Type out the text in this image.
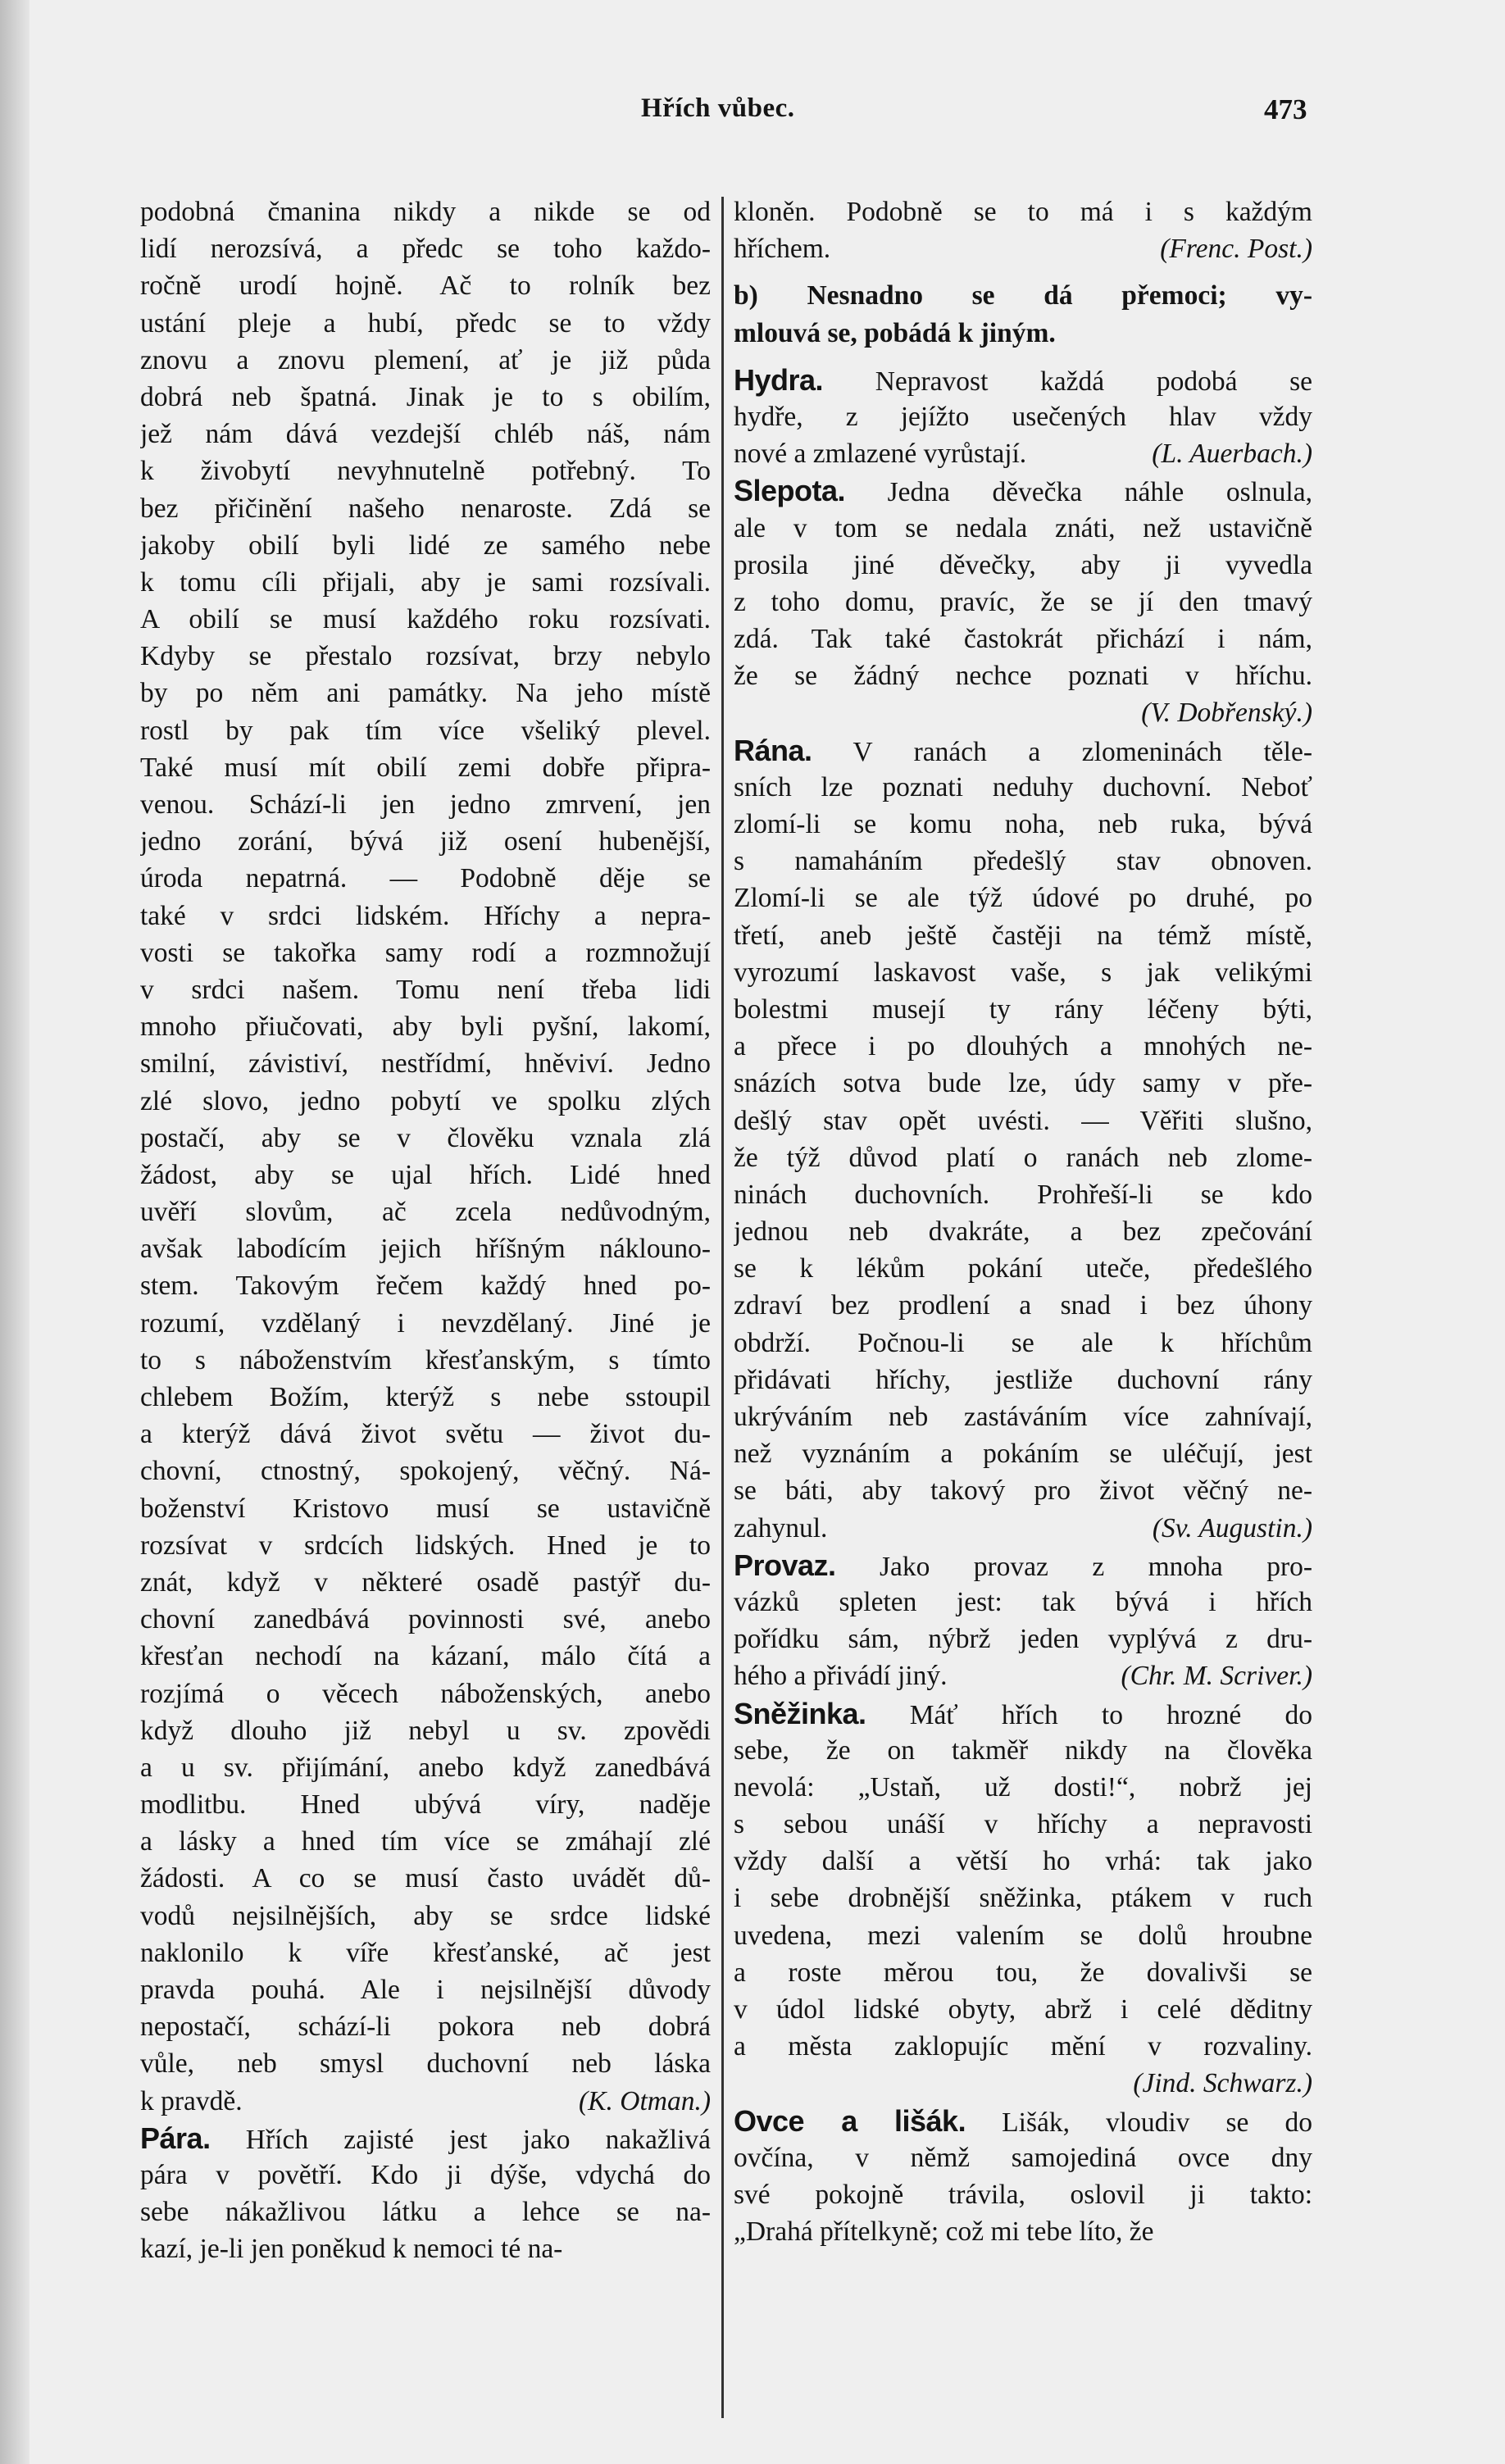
Hřích vůbec.	473
podobná čmanina nikdy a nikde se od
lidí nerozsívá, a předc se toho každo-
ročně urodí hojně. Ač to rolník bez
ustání pleje a hubí, předc se to vždy
znovu a znovu plemení, ať je již půda
dobrá neb špatná. Jinak je to s obilím,
jež nám dává vezdejší chléb náš, nám
k živobytí nevyhnutelně potřebný. To
bez přičinění našeho nenaroste. Zdá se
jakoby obilí byli lidé ze samého nebe
k tomu cíli přijali, aby je sami rozsívali.
A obilí se musí každého roku rozsívati.
Kdyby se přestalo rozsívat, brzy nebylo
by po něm ani památky. Na jeho místě
rostl by pak tím více všeliký plevel.
Také musí mít obilí zemi dobře připra-
venou. Schází-li jen jedno zmrvení, jen
jedno zorání, bývá již osení hubenější,
úroda nepatrná. — Podobně děje se
také v srdci lidském. Hříchy a nepra-
vosti se takořka samy rodí a rozmnožují
v srdci našem. Tomu není třeba lidi
mnoho přiučovati, aby byli pyšní, lakomí,
smilní, závistiví, nestřídmí, hněviví. Jedno
zlé slovo, jedno pobytí ve spolku zlých
postačí, aby se v člověku vznala zlá
žádost, aby se ujal hřích. Lidé hned
uvěří slovům, ač zcela nedůvodným,
avšak labodícím jejich hříšným náklouno-
stem. Takovým řečem každý hned po-
rozumí, vzdělaný i nevzdělaný. Jiné je
to s náboženstvím křesťanským, s tímto
chlebem Božím, kterýž s nebe sstoupil
a kterýž dává život světu — život du-
chovní, ctnostný, spokojený, věčný. Ná-
boženství Kristovo musí se ustavičně
rozsívat v srdcích lidských. Hned je to
znát, když v některé osadě pastýř du-
chovní zanedbává povinnosti své, anebo
křesťan nechodí na kázaní, málo čítá a
rozjímá o věcech náboženských, anebo
když dlouho již nebyl u sv. zpovědi
a u sv. přijímání, anebo když zanedbává
modlitbu. Hned ubývá víry, naděje
a lásky a hned tím více se zmáhají zlé
žádosti. A co se musí často uvádět dů-
vodů nejsilnějších, aby se srdce lidské
naklonilo k víře křesťanské, ač jest
pravda pouhá. Ale i nejsilnější důvody
nepostačí, schází-li pokora neb dobrá
vůle, neb smysl duchovní neb láska
k pravdě.	(K. Otman.)
Pára. Hřích zajisté jest jako nakažlivá
pára v povětří. Kdo ji dýše, vdychá do
sebe nákažlivou látku a lehce se na-
kazí, je-li jen poněkud k nemoci té na-
kloněn. Podobně se to má i s každým
hříchem.	(Frenc. Post.)
b) Nesnadno se dá přemoci; vy-
mlouvá se, pobádá k jiným.
Hydra. Nepravost každá podobá se
hydře, z jejížto usečených hlav vždy
nové a zmlazené vyrůstají.	(L. Auerbach.)
Slepota. Jedna děvečka náhle oslnula,
ale v tom se nedala znáti, než ustavičně
prosila jiné děvečky, aby ji vyvedla
z toho domu, pravíc, že se jí den tmavý
zdá. Tak také častokrát přichází i nám,
že se žádný nechce poznati v hříchu.
(V. Dobřenský.)
Rána. V ranách a zlomeninách těle-
sních lze poznati neduhy duchovní. Neboť
zlomí-li se komu noha, neb ruka, bývá
s namaháním předešlý stav obnoven.
Zlomí-li se ale týž údové po druhé, po
třetí, aneb ještě častěji na témž místě,
vyrozumí laskavost vaše, s jak velikými
bolestmi musejí ty rány léčeny býti,
a přece i po dlouhých a mnohých ne-
snázích sotva bude lze, údy samy v pře-
dešlý stav opět uvésti. — Věřiti slušno,
že týž důvod platí o ranách neb zlome-
ninách duchovních. Prohřeší-li se kdo
jednou neb dvakráte, a bez zpečování
se k lékům pokání uteče, předešlého
zdraví bez prodlení a snad i bez úhony
obdrží. Počnou-li se ale k hříchům
přidávati hříchy, jestliže duchovní rány
ukrýváním neb zastáváním více zahnívají,
než vyznáním a pokáním se uléčují, jest
se báti, aby takový pro život věčný ne-
zahynul.	(Sv. Augustin.)
Provaz. Jako provaz z mnoha pro-
vázků spleten jest: tak bývá i hřích
pořídku sám, nýbrž jeden vyplývá z dru-
hého a přivádí jiný.	(Chr. M. Scriver.)
Sněžinka. Máť hřích to hrozné do
sebe, že on takměř nikdy na člověka
nevolá: „Ustaň, už dosti!“, nobrž jej
s sebou unáší v hříchy a nepravosti
vždy další a větší ho vrhá: tak jako
i sebe drobnější sněžinka, ptákem v ruch
uvedena, mezi valením se dolů hroubne
a roste měrou tou, že dovalivši se
v údol lidské obyty, abrž i celé děditny
a města zaklopujíc mění v rozvaliny.
(Jind. Schwarz.)
Ovce a lišák. Lišák, vloudiv se do
ovčína, v němž samojediná ovce dny
své pokojně trávila, oslovil ji takto:
„Drahá přítelkyně; což mi tebe líto, že
